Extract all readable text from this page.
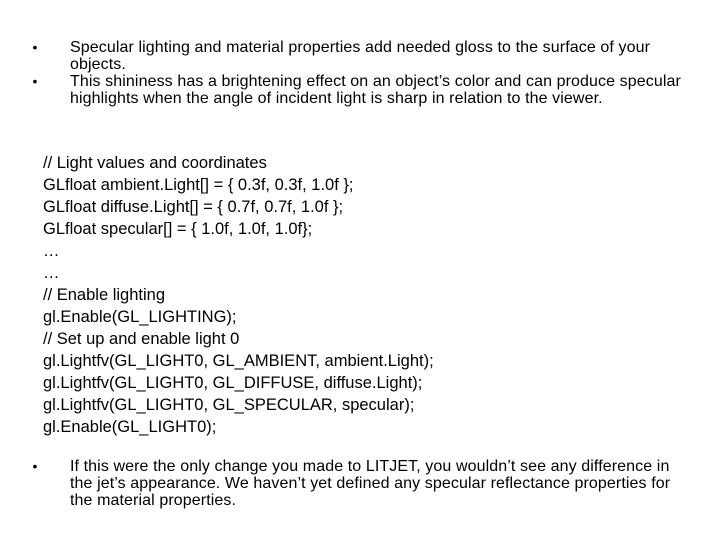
• Specular lighting and material properties add needed gloss to the surface of your objects.
• This shininess has a brightening effect on an object’s color and can produce specular highlights when the angle of incident light is sharp in relation to the viewer.
// Light values and coordinates
GLfloat ambient.Light[] = { 0.3f, 0.3f, 1.0f };
GLfloat diffuse.Light[] = { 0.7f, 0.7f, 1.0f };
GLfloat specular[] = { 1.0f, 1.0f, 1.0f};
…
…
// Enable lighting
gl.Enable(GL_LIGHTING);
// Set up and enable light 0
gl.Lightfv(GL_LIGHT0, GL_AMBIENT, ambient.Light);
gl.Lightfv(GL_LIGHT0, GL_DIFFUSE, diffuse.Light);
gl.Lightfv(GL_LIGHT0, GL_SPECULAR, specular);
gl.Enable(GL_LIGHT0);
• If this were the only change you made to LITJET, you wouldn’t see any difference in the jet’s appearance. We haven’t yet defined any specular reflectance properties for the material properties.
